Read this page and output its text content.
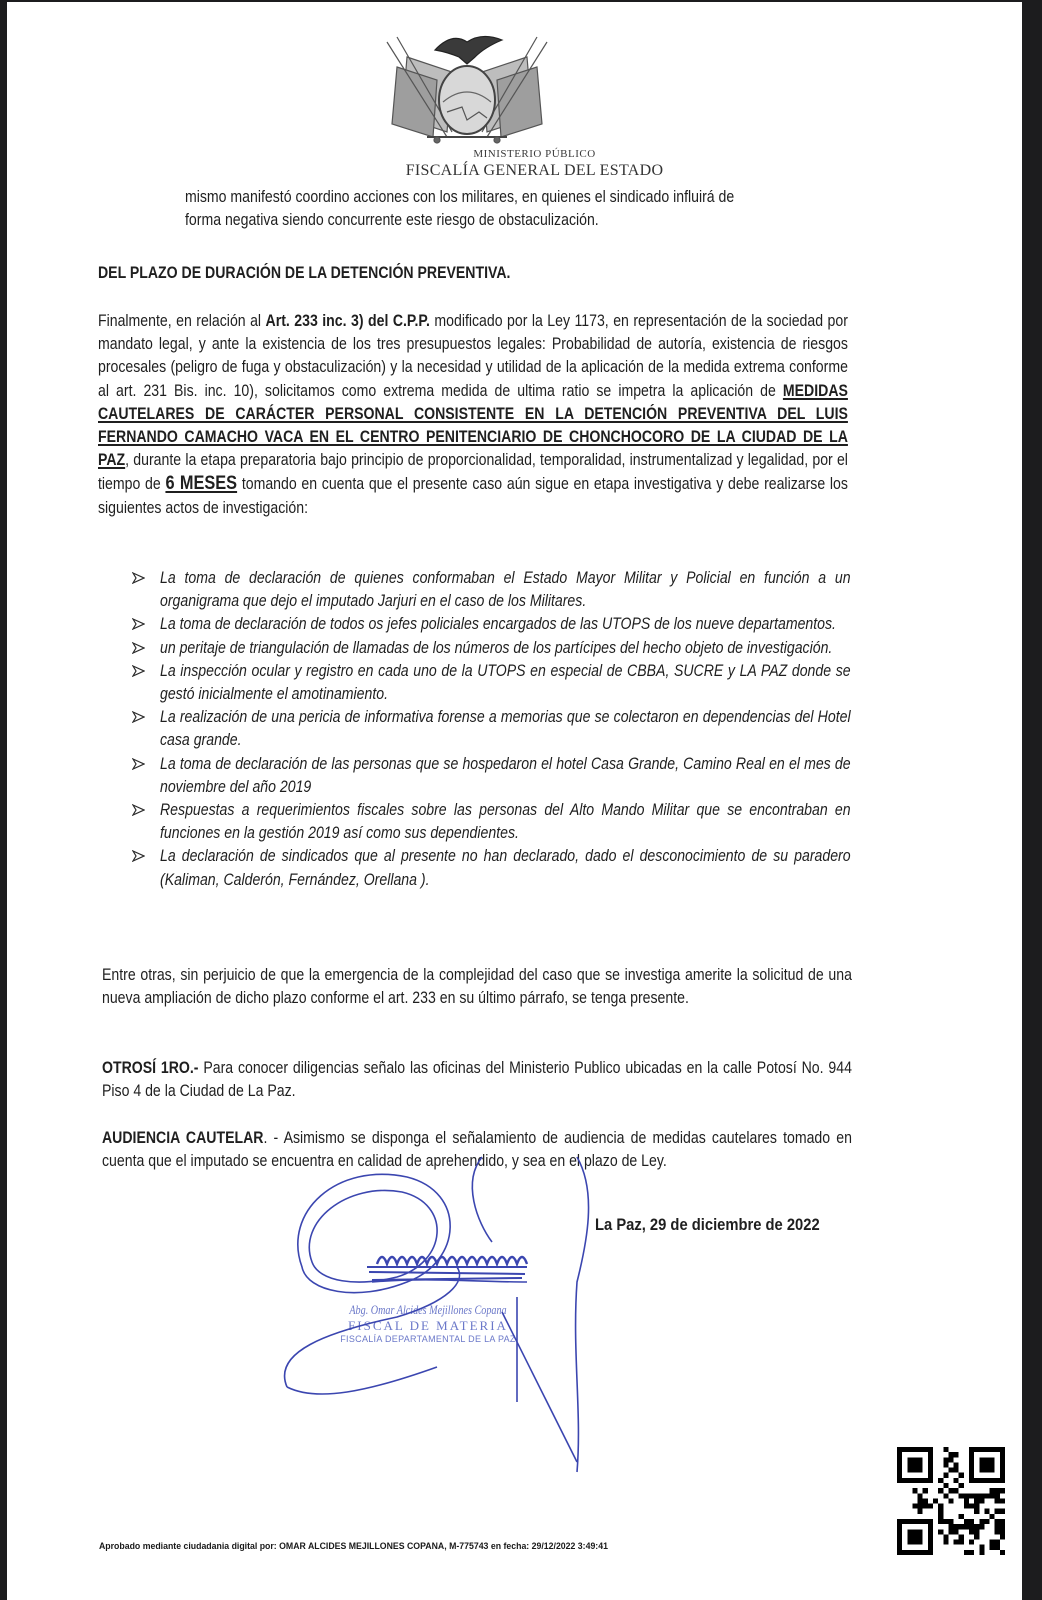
MINISTERIO PÚBLICO
FISCALÍA GENERAL DEL ESTADO
mismo manifestó coordino acciones con los militares, en quienes el sindicado influirá de
forma negativa siendo concurrente este riesgo de obstaculización.
DEL PLAZO DE DURACIÓN DE LA DETENCIÓN PREVENTIVA.
Finalmente, en relación al Art. 233 inc. 3) del C.P.P. modificado por la Ley 1173, en representación de la sociedad por mandato legal, y ante la existencia de los tres presupuestos legales: Probabilidad de autoría, existencia de riesgos procesales (peligro de fuga y obstaculización) y la necesidad y utilidad de la aplicación de la medida extrema conforme al art. 231 Bis. inc. 10), solicitamos como extrema medida de ultima ratio se impetra la aplicación de MEDIDAS CAUTELARES DE CARÁCTER PERSONAL CONSISTENTE EN LA DETENCIÓN PREVENTIVA DEL LUIS FERNANDO CAMACHO VACA EN EL CENTRO PENITENCIARIO DE CHONCHOCORO DE LA CIUDAD DE LA PAZ, durante la etapa preparatoria bajo principio de proporcionalidad, temporalidad, instrumentalizad y legalidad, por el tiempo de 6 MESES tomando en cuenta que el presente caso aún sigue en etapa investigativa y debe realizarse los siguientes actos de investigación:
La toma de declaración de quienes conformaban el Estado Mayor Militar y Policial en función a un organigrama que dejo el imputado Jarjuri en el caso de los Militares.
La toma de declaración de todos os jefes policiales encargados de las UTOPS de los nueve departamentos.
un peritaje de triangulación de llamadas de los números de los partícipes del hecho objeto de investigación.
La inspección ocular y registro en cada uno de la UTOPS en especial de CBBA, SUCRE y LA PAZ donde se gestó inicialmente el amotinamiento.
La realización de una pericia de informativa forense a memorias que se colectaron en dependencias del Hotel casa grande.
La toma de declaración de las personas que se hospedaron el hotel Casa Grande, Camino Real en el mes de noviembre del año 2019
Respuestas a requerimientos fiscales sobre las personas del Alto Mando Militar que se encontraban en funciones en la gestión 2019 así como sus dependientes.
La declaración de sindicados que al presente no han declarado, dado el desconocimiento de su paradero (Kaliman, Calderón, Fernández, Orellana ).
Entre otras, sin perjuicio de que la emergencia de la complejidad del caso que se investiga amerite la solicitud de una nueva ampliación de dicho plazo conforme el art. 233 en su último párrafo, se tenga presente.
OTROSÍ 1RO.- Para conocer diligencias señalo las oficinas del Ministerio Publico ubicadas en la calle Potosí No. 944 Piso 4 de la Ciudad de La Paz.
AUDIENCIA CAUTELAR. - Asimismo se disponga el señalamiento de audiencia de medidas cautelares tomado en cuenta que el imputado se encuentra en calidad de aprehendido, y sea en el plazo de Ley.
La Paz, 29 de diciembre de 2022
Abg. Omar Alcides Mejillones Copana
FISCAL DE MATERIA
FISCALÍA DEPARTAMENTAL DE LA PAZ
Aprobado mediante ciudadania digital por: OMAR ALCIDES MEJILLONES COPANA, M-775743 en fecha: 29/12/2022 3:49:41
